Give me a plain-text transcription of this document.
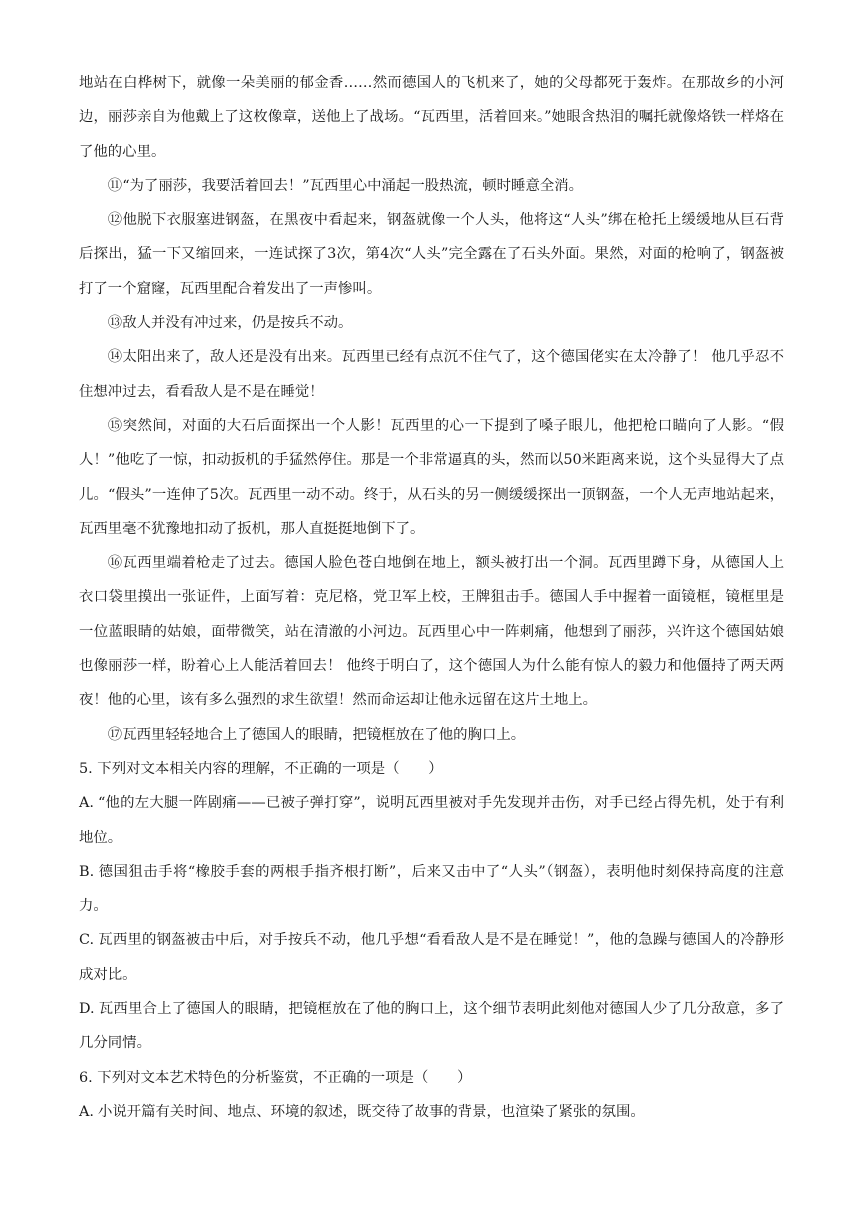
地站在白桦树下，就像一朵美丽的郁金香……然而德国人的飞机来了，她的父母都死于轰炸。在那故乡的小河边，丽莎亲自为他戴上了这枚像章，送他上了战场。“瓦西里，活着回来。”她眼含热泪的嘱托就像烙铁一样烙在了他的心里。

⑪“为了丽莎，我要活着回去！”瓦西里心中涌起一股热流，顿时睡意全消。

⑫他脱下衣服塞进钢盔，在黑夜中看起来，钢盔就像一个人头，他将这“人头”绑在枪托上缓缓地从巨石背后探出，猛一下又缩回来，一连试探了3次，第4次“人头”完全露在了石头外面。果然，对面的枪响了，钢盔被打了一个窟窿，瓦西里配合着发出了一声惨叫。

⑬敌人并没有冲过来，仍是按兵不动。

⑭太阳出来了，敌人还是没有出来。瓦西里已经有点沉不住气了，这个德国佬实在太冷静了！ 他几乎忍不住想冲过去，看看敌人是不是在睡觉！

⑮突然间，对面的大石后面探出一个人影！瓦西里的心一下提到了嗓子眼儿，他把枪口瞄向了人影。“假人！”他吃了一惊，扣动扳机的手猛然停住。那是一个非常逼真的头，然而以50米距离来说，这个头显得大了点儿。“假头”一连伸了5次。瓦西里一动不动。终于，从石头的另一侧缓缓探出一顶钢盔，一个人无声地站起来，瓦西里毫不犹豫地扣动了扳机，那人直挺挺地倒下了。

⑯瓦西里端着枪走了过去。德国人脸色苍白地倒在地上，额头被打出一个洞。瓦西里蹲下身，从德国人上衣口袋里摸出一张证件，上面写着：克尼格，党卫军上校，王牌狙击手。德国人手中握着一面镜框，镜框里是一位蓝眼睛的姑娘，面带微笑，站在清澈的小河边。瓦西里心中一阵刺痛，他想到了丽莎，兴许这个德国姑娘也像丽莎一样，盼着心上人能活着回去！ 他终于明白了，这个德国人为什么能有惊人的毅力和他僵持了两天两夜！他的心里，该有多么强烈的求生欲望！然而命运却让他永远留在这片土地上。

⑰瓦西里轻轻地合上了德国人的眼睛，把镜框放在了他的胸口上。

5. 下列对文本相关内容的理解，不正确的一项是（　　）

A. “他的左大腿一阵剧痛——已被子弹打穿”，说明瓦西里被对手先发现并击伤，对手已经占得先机，处于有利地位。

B. 德国狙击手将“橡胶手套的两根手指齐根打断”，后来又击中了“人头”（钢盔），表明他时刻保持高度的注意力。

C. 瓦西里的钢盔被击中后，对手按兵不动，他几乎想“看看敌人是不是在睡觉！”，他的急躁与德国人的冷静形成对比。

D. 瓦西里合上了德国人的眼睛，把镜框放在了他的胸口上，这个细节表明此刻他对德国人少了几分敌意，多了几分同情。

6. 下列对文本艺术特色的分析鉴赏，不正确的一项是（　　）

A. 小说开篇有关时间、地点、环境的叙述，既交待了故事的背景，也渲染了紧张的氛围。
